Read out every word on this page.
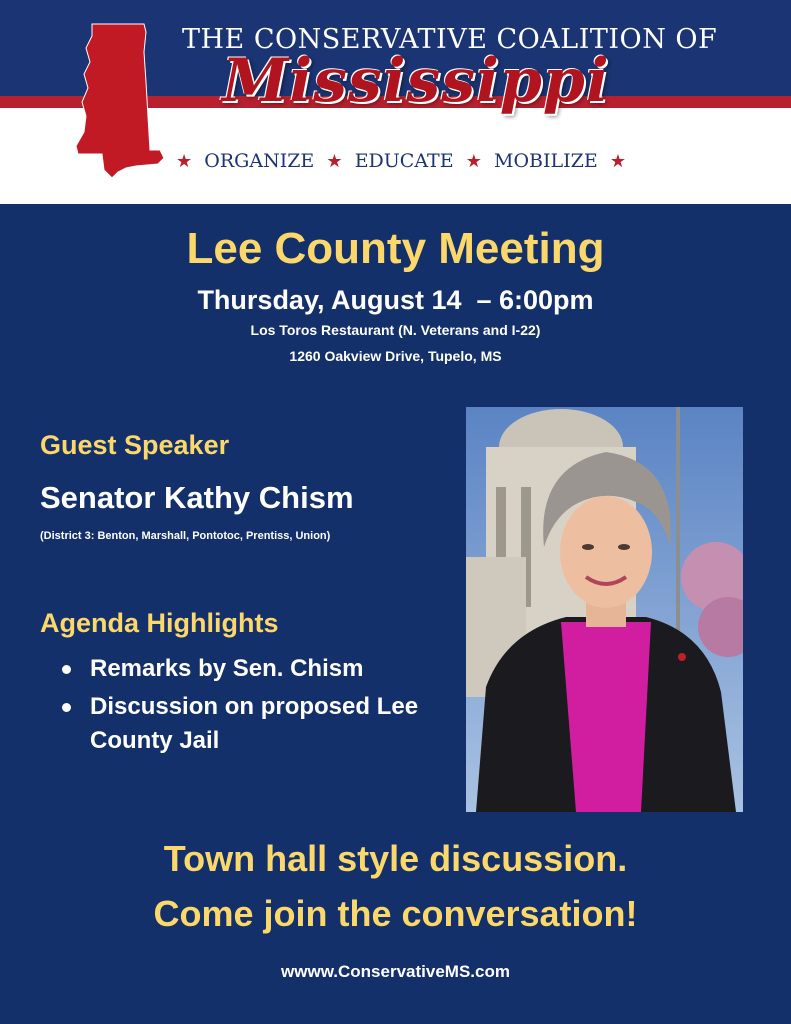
THE CONSERVATIVE COALITION OF
Mississippi
★ ORGANIZE ★ EDUCATE ★ MOBILIZE ★
Lee County Meeting
Thursday, August 14  – 6:00pm
Los Toros Restaurant (N. Veterans and I-22)
1260 Oakview Drive, Tupelo, MS
Guest Speaker
Senator Kathy Chism
(District 3: Benton, Marshall, Pontotoc, Prentiss, Union)
Agenda Highlights
Remarks by Sen. Chism
Discussion on proposed Lee County Jail
Town hall style discussion.
Come join the conversation!
wwww.ConservativeMS.com
